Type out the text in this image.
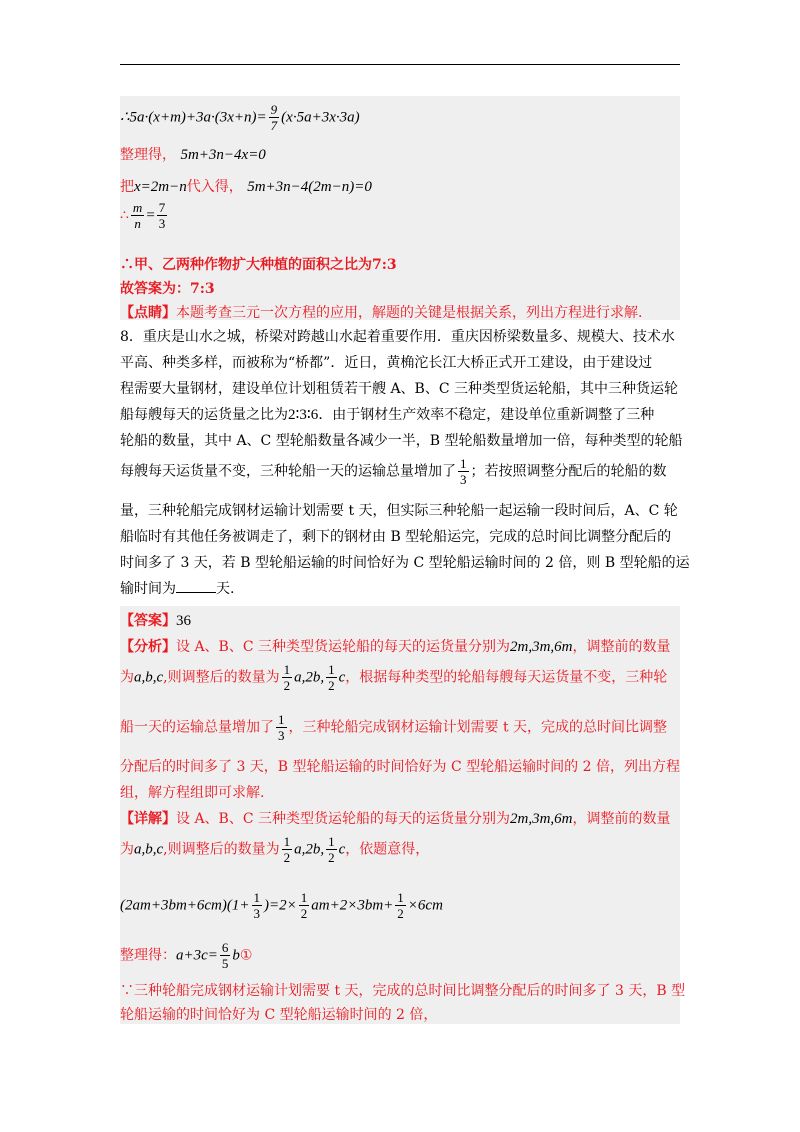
∴5a·(x+m)+3a·(3x+n)= $\frac{9}{7} (x\cdot 5a+3x\cdot 3a)$
整理得， 5m+3n−4x=0
把x=2m−n代入得， 5m+3n−4(2m−n)=0
∴ $\frac{m}{n} = \frac{7}{3}$
∴甲、乙两种作物扩大种植的面积之比为7:3
故答案为：7:3
【点睛】本题考查三元一次方程的应用，解题的关键是根据关系，列出方程进行求解.
8．重庆是山水之城，桥梁对跨越山水起着重要作用．重庆因桥梁数量多、规模大、技术水
平高、种类多样，而被称为“桥都”．近日，黄桷沱长江大桥正式开工建设，由于建设过
程需要大量钢材，建设单位计划租赁若干艘 A、B、C 三种类型货运轮船，其中三种货运轮
船每艘每天的运货量之比为2∶3∶6．由于钢材生产效率不稳定，建设单位重新调整了三种
轮船的数量，其中 A、C 型轮船数量各减少一半，B 型轮船数量增加一倍，每种类型的轮船
每艘每天运货量不变，三种轮船一天的运输总量增加了 $\frac{1}{3}$ ；若按照调整分配后的轮船的数
量，三种轮船完成钢材运输计划需要 t 天，但实际三种轮船一起运输一段时间后，A、C 轮
船临时有其他任务被调走了，剩下的钢材由 B 型轮船运完，完成的总时间比调整分配后的
时间多了 3 天，若 B 型轮船运输的时间恰好为 C 型轮船运输时间的 2 倍，则 B 型轮船的运
输时间为	天.
【答案】36
【分析】设 A、B、C 三种类型货运轮船的每天的运货量分别为2m,3m,6m，调整前的数量
为a,b,c,则调整后的数量为 $\frac{1}{2} a,2b$, $\frac{1}{2}$ c，根据每种类型的轮船每艘每天运货量不变，三种轮
船一天的运输总量增加了 $\frac{1}{3}$ ，三种轮船完成钢材运输计划需要 t 天，完成的总时间比调整
分配后的时间多了 3 天，B 型轮船运输的时间恰好为 C 型轮船运输时间的 2 倍，列出方程
组，解方程组即可求解.
【详解】设 A、B、C 三种类型货运轮船的每天的运货量分别为2m,3m,6m，调整前的数量
为a,b,c,则调整后的数量为 $\frac{1}{2} a,2b$, $\frac{1}{2}$ c，依题意得，
$(2am+3bm+6cm)(1+ \frac{1}{3} )=2\times \frac{1}{2} am+2\times 3bm+ \frac{1}{2} \times 6cm$
整理得：$a+3c= \frac{6}{5}$ b①
∵三种轮船完成钢材运输计划需要 t 天，完成的总时间比调整分配后的时间多了 3 天，B 型
轮船运输的时间恰好为 C 型轮船运输时间的 2 倍，
